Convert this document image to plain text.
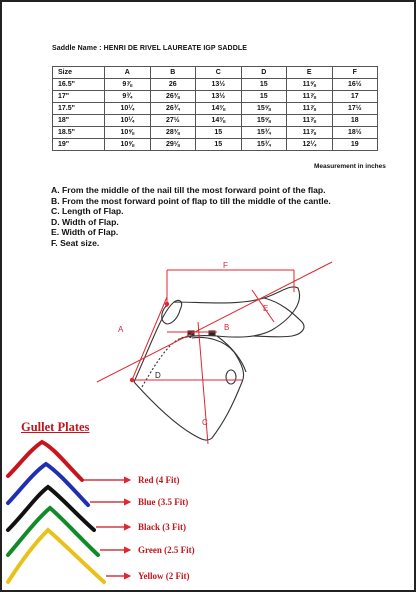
Saddle Name : HENRI DE RIVEL LAUREATE IGP SADDLE
Size	A	B	C	D	E	F
16.5"	9⅞	26	13½	15	11⅝	16½
17"	9¾	26⅜	13½	15	11⅞	17
17.5"	10¼	26¾	14⅜	15⅝	11⅞	17½
18"	10¼	27½	14⅜	15⅝	11⅞	18
18.5"	10⅝	28⅜	15	15¾	11⅞	18½
19"	10⅝	29⅛	15	15¾	12¼	19
Measurement in inches
A. From the middle of the nail till the most forward point of the flap.
B. From the most forward point of flap to till the middle of the cantle.
C. Length of Flap.
D. Width of Flap.
E. Width of Flap.
F. Seat size.
A	B
C
D
E
F
Gullet Plates
Red (4 Fit)
Blue (3.5 Fit)
Black (3 Fit)
Green (2.5 Fit)
Yellow (2 Fit)
